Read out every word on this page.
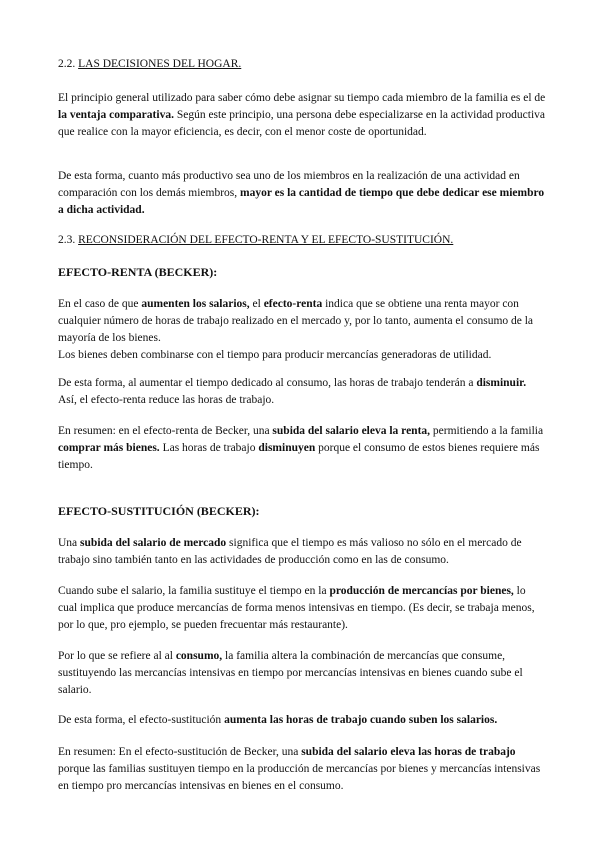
2.2. LAS DECISIONES DEL HOGAR.
El principio general utilizado para saber cómo debe asignar su tiempo cada miembro de la familia es el de la ventaja comparativa. Según este principio, una persona debe especializarse en la actividad productiva que realice con la mayor eficiencia, es decir, con el menor coste de oportunidad.
De esta forma, cuanto más productivo sea uno de los miembros en la realización de una actividad en comparación con los demás miembros, mayor es la cantidad de tiempo que debe dedicar ese miembro a dicha actividad.
2.3. RECONSIDERACIÓN DEL EFECTO-RENTA Y EL EFECTO-SUSTITUCIÓN.
EFECTO-RENTA (BECKER):
En el caso de que aumenten los salarios, el efecto-renta indica que se obtiene una renta mayor con cualquier número de horas de trabajo realizado en el mercado y, por lo tanto, aumenta el consumo de la mayoría de los bienes.
Los bienes deben combinarse con el tiempo para producir mercancías generadoras de utilidad.
De esta forma, al aumentar el tiempo dedicado al consumo, las horas de trabajo tenderán a disminuir. Así, el efecto-renta reduce las horas de trabajo.
En resumen: en el efecto-renta de Becker, una subida del salario eleva la renta, permitiendo a la familia comprar más bienes. Las horas de trabajo disminuyen porque el consumo de estos bienes requiere más tiempo.
EFECTO-SUSTITUCIÓN (BECKER):
Una subida del salario de mercado significa que el tiempo es más valioso no sólo en el mercado de trabajo sino también tanto en las actividades de producción como en las de consumo.
Cuando sube el salario, la familia sustituye el tiempo en la producción de mercancías por bienes, lo cual implica que produce mercancías de forma menos intensivas en tiempo. (Es decir, se trabaja menos, por lo que, pro ejemplo, se pueden frecuentar más restaurante).
Por lo que se refiere al al consumo, la familia altera la combinación de mercancías que consume, sustituyendo las mercancías intensivas en tiempo por mercancías intensivas en bienes cuando sube el salario.
De esta forma, el efecto-sustitución aumenta las horas de trabajo cuando suben los salarios.
En resumen: En el efecto-sustitución de Becker, una subida del salario eleva las horas de trabajo porque las familias sustituyen tiempo en la producción de mercancías por bienes y mercancías intensivas en tiempo pro mercancías intensivas en bienes en el consumo.
